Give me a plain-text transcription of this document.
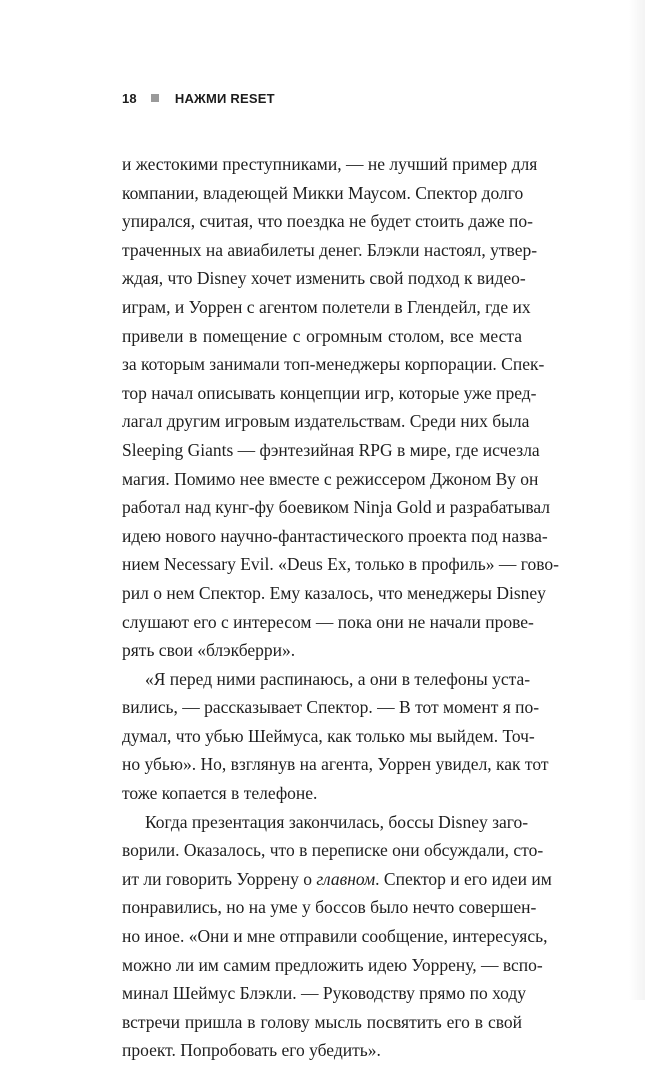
18	НАЖМИ RESET

и жестокими преступниками, — не лучший пример для
компании, владеющей Микки Маусом. Спектор долго
упирался, считая, что поездка не будет стоить даже по-
траченных на авиабилеты денег. Блэкли настоял, утвер-
ждая, что Disney хочет изменить свой подход к видео-
играм, и Уоррен с агентом полетели в Глендейл, где их
привели в помещение с огромным столом, все места
за которым занимали топ-менеджеры корпорации. Спек-
тор начал описывать концепции игр, которые уже пред-
лагал другим игровым издательствам. Среди них была
Sleeping Giants — фэнтезийная RPG в мире, где исчезла
магия. Помимо нее вместе с режиссером Джоном Ву он
работал над кунг-фу боевиком Ninja Gold и разрабатывал
идею нового научно-фантастического проекта под назва-
нием Necessary Evil. «Deus Ex, только в профиль» — гово-
рил о нем Спектор. Ему казалось, что менеджеры Disney
слушают его с интересом — пока они не начали прове-
рять свои «блэкберри».

«Я перед ними распинаюсь, а они в телефоны уста-
вились, — рассказывает Спектор. — В тот момент я по-
думал, что убью Шеймуса, как только мы выйдем. Точ-
но убью». Но, взглянув на агента, Уоррен увидел, как тот
тоже копается в телефоне.

Когда презентация закончилась, боссы Disney заго-
ворили. Оказалось, что в переписке они обсуждали, сто-
ит ли говорить Уоррену о главном. Спектор и его идеи им
понравились, но на уме у боссов было нечто совершен-
но иное. «Они и мне отправили сообщение, интересуясь,
можно ли им самим предложить идею Уоррену, — вспо-
минал Шеймус Блэкли. — Руководству прямо по ходу
встречи пришла в голову мысль посвятить его в свой
проект. Попробовать его убедить».
